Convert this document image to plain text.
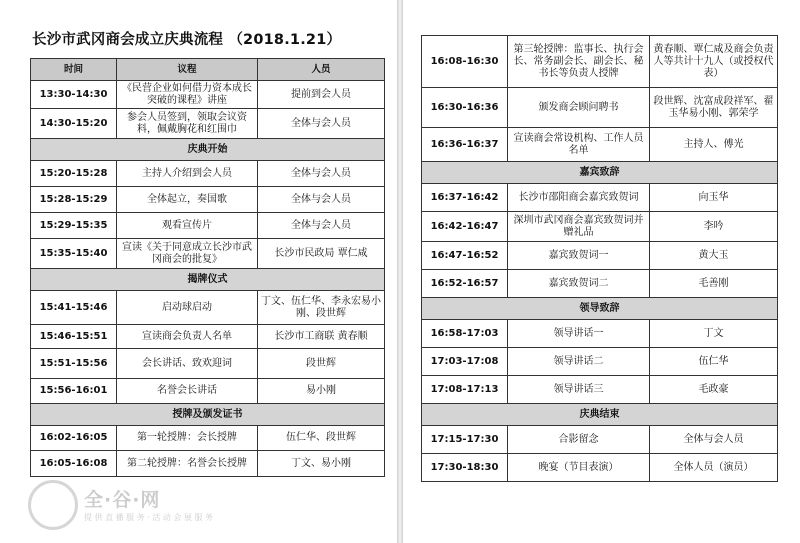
长沙市武冈商会成立庆典流程 （2018.1.21）
时间	议程	人员
13:30-14:30	《民营企业如何借力资本成长突破的课程》讲座	提前到会人员
14:30-15:20	参会人员签到，领取会议资料，佩戴胸花和红围巾	全体与会人员
庆典开始		
15:20-15:28	主持人介绍到会人员	全体与会人员
15:28-15:29	全体起立，奏国歌	全体与会人员
15:29-15:35	观看宣传片	全体与会人员
15:35-15:40	宣读《关于同意成立长沙市武冈商会的批复》	长沙市民政局 覃仁咸
揭牌仪式		
15:41-15:46	启动球启动	丁文、伍仁华、李永宏易小刚、段世辉
15:46-15:51	宣读商会负责人名单	长沙市工商联 黄春顺
15:51-15:56	会长讲话、致欢迎词	段世辉
15:56-16:01	名誉会长讲话	易小刚
授牌及颁发证书		
16:02-16:05	第一轮授牌：会长授牌	伍仁华、段世辉
16:05-16:08	第二轮授牌：名誉会长授牌	丁文、易小刚
16:08-16:30	第三轮授牌：监事长、执行会长、常务副会长、副会长、秘书长等负责人授牌	黄春顺、覃仁咸及商会负责人等共计十九人（或授权代表）
16:30-16:36	颁发商会顾问聘书	段世辉、沈富成段祥军、翟玉华易小刚、郭荣学
16:36-16:37	宣读商会常设机构、工作人员名单	主持人、傅光
嘉宾致辞		
16:37-16:42	长沙市邵阳商会嘉宾致贺词	向玉华
16:42-16:47	深圳市武冈商会嘉宾致贺词并赠礼品	李吟
16:47-16:52	嘉宾致贺词一	黄大玉
16:52-16:57	嘉宾致贺词二	毛善刚
领导致辞		
16:58-17:03	领导讲话一	丁文
17:03-17:08	领导讲话二	伍仁华
17:08-17:13	领导讲话三	毛政豪
庆典结束		
17:15-17:30	合影留念	全体与会人员
17:30-18:30	晚宴（节目表演）	全体人员（演员）
全·谷·网
提 供 直 播 服 务 · 活 动 会 展 服 务
